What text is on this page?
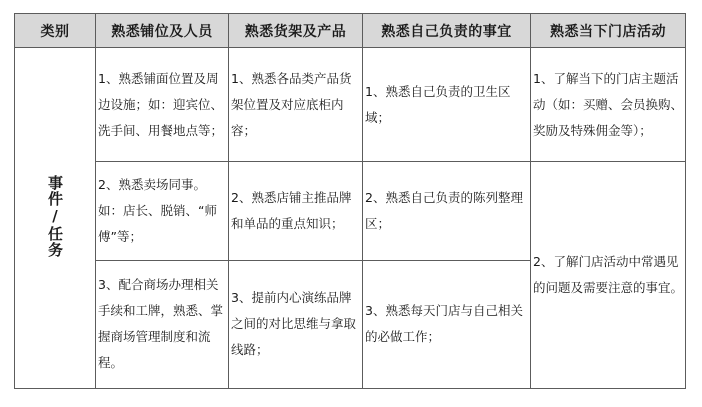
类别	熟悉铺位及人员	熟悉货架及产品	熟悉自己负责的事宜	熟悉当下门店活动
事件/任务	1、熟悉铺面位置及周边设施；如：迎宾位、洗手间、用餐地点等；	1、熟悉各品类产品货架位置及对应底柜内容；	1、熟悉自己负责的卫生区域；	1、了解当下的门店主题活动（如：买赠、会员换购、奖励及特殊佣金等）；
	2、熟悉卖场同事。如：店长、脱销、“师傅”等；	2、熟悉店铺主推品牌和单品的重点知识；	2、熟悉自己负责的陈列整理区；	2、了解门店活动中常遇见的问题及需要注意的事宜。
	3、配合商场办理相关手续和工牌，熟悉、掌握商场管理制度和流程。	3、提前内心演练品牌之间的对比思维与拿取线路；	3、熟悉每天门店与自己相关的必做工作；	
